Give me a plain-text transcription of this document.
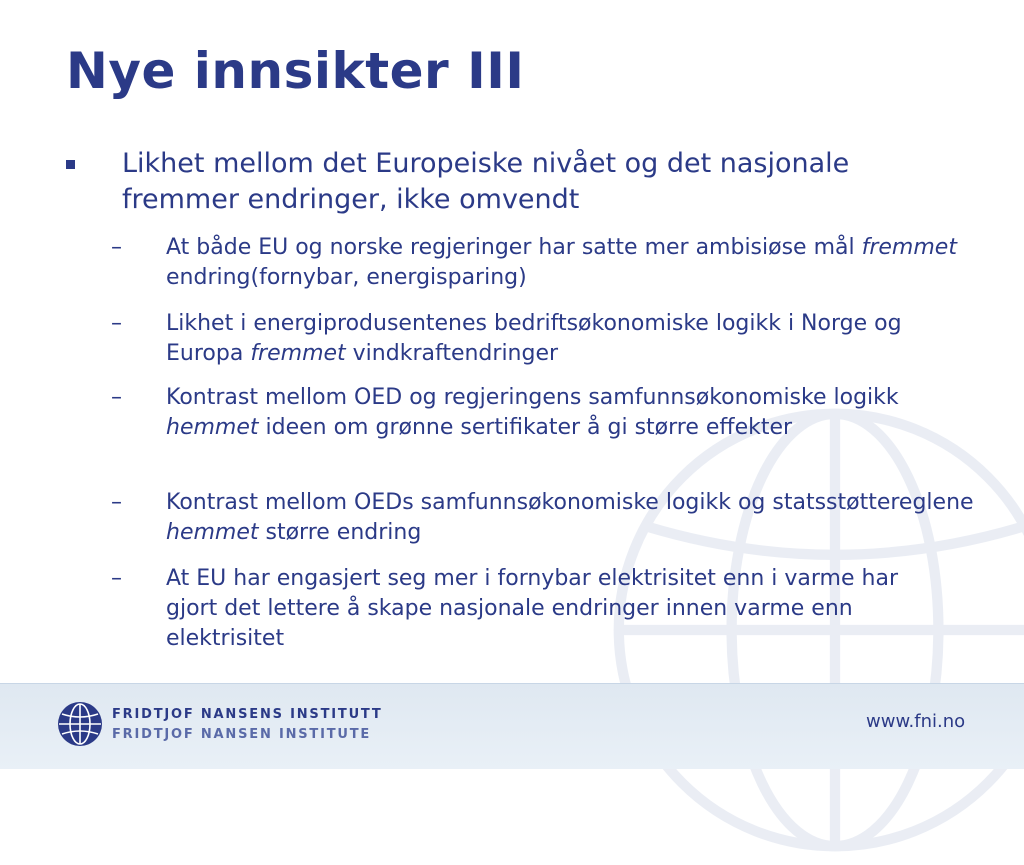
Nye innsikter III
Likhet mellom det Europeiske nivået og det nasjonale fremmer endringer, ikke omvendt
–	At både EU og norske regjeringer har satte mer ambisiøse mål fremmet endring(fornybar, energisparing)
–	Likhet i energiprodusentenes bedriftsøkonomiske logikk i Norge og Europa fremmet vindkraftendringer
–	Kontrast mellom OED og regjeringens samfunnsøkonomiske logikk hemmet ideen om grønne sertifikater å gi større effekter
–	Kontrast mellom OEDs samfunnsøkonomiske logikk og statsstøttereglene hemmet større endring
–	At EU har engasjert seg mer i fornybar elektrisitet enn i varme har gjort det lettere å skape nasjonale endringer innen varme enn elektrisitet
FRIDTJOF NANSENS INSTITUTT
FRIDTJOF NANSEN INSTITUTE
www.fni.no
